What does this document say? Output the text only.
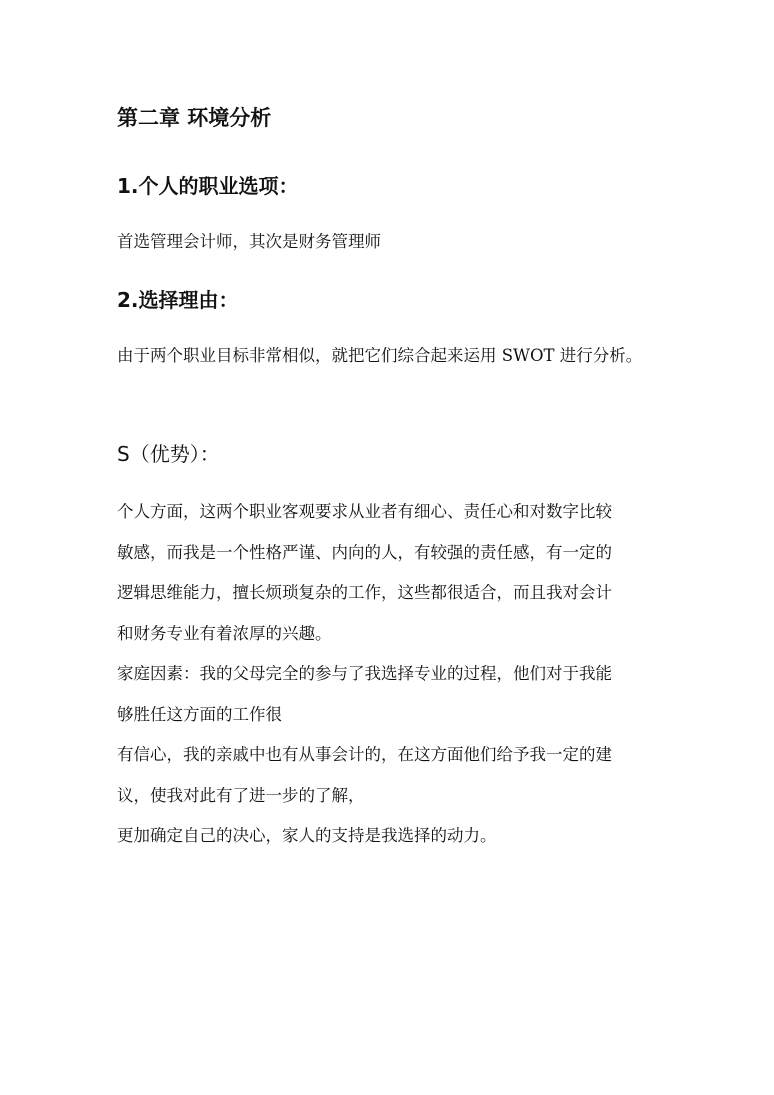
第二章 环境分析
1.个人的职业选项：

首选管理会计师，其次是财务管理师

2.选择理由：

由于两个职业目标非常相似，就把它们综合起来运用 SWOT 进行分析。

S（优势）：
个人方面，这两个职业客观要求从业者有细心、责任心和对数字比较
敏感，而我是一个性格严谨、内向的人，有较强的责任感，有一定的
逻辑思维能力，擅长烦琐复杂的工作，这些都很适合，而且我对会计
和财务专业有着浓厚的兴趣。
家庭因素：我的父母完全的参与了我选择专业的过程，他们对于我能
够胜任这方面的工作很
有信心，我的亲戚中也有从事会计的，在这方面他们给予我一定的建
议，使我对此有了进一步的了解，
更加确定自己的决心，家人的支持是我选择的动力。
